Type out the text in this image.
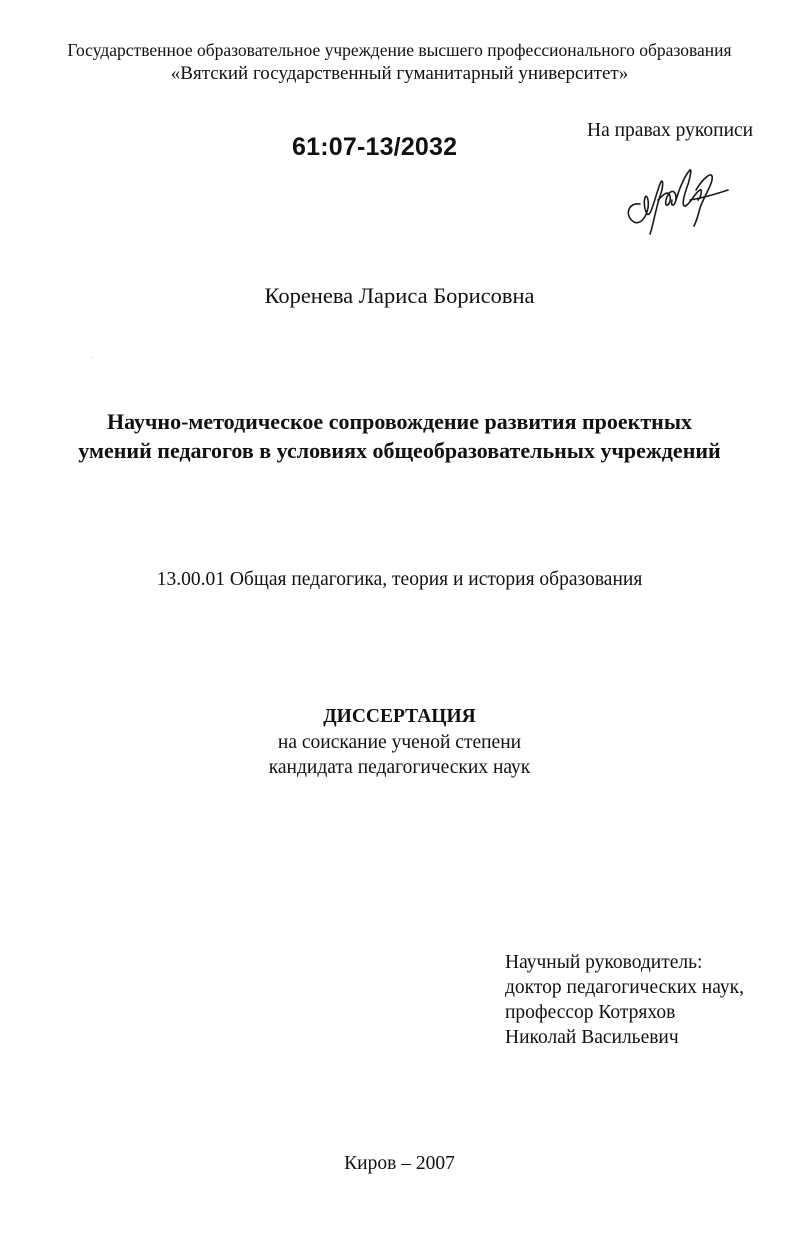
Государственное образовательное учреждение высшего профессионального образования
«Вятский государственный гуманитарный университет»
61:07-13/2032
На правах рукописи
Коренева Лариса Борисовна
Научно-методическое сопровождение развития проектных
умений педагогов в условиях общеобразовательных учреждений
13.00.01 Общая педагогика, теория и история образования
ДИССЕРТАЦИЯ
на соискание ученой степени
кандидата педагогических наук
Научный руководитель:
доктор педагогических наук,
профессор Котряхов
Николай Васильевич
Киров – 2007
